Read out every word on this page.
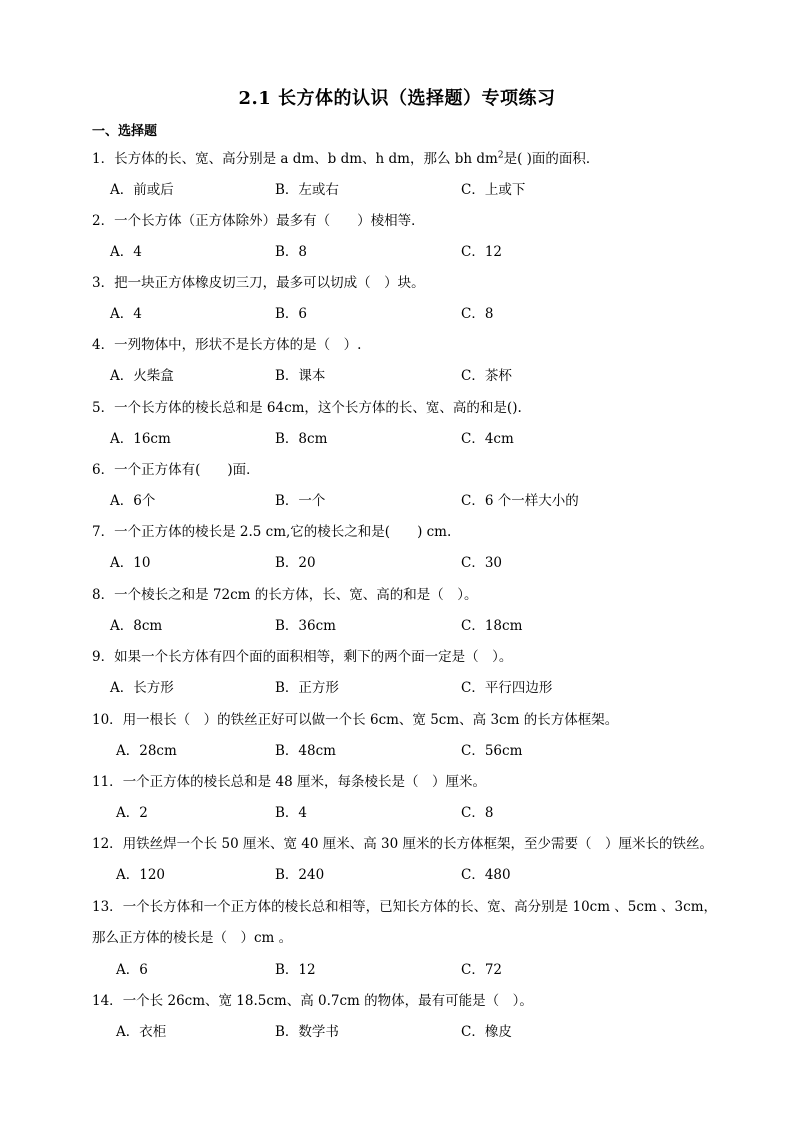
2.1 长方体的认识（选择题）专项练习
一、选择题
1．长方体的长、宽、高分别是 a dm、b dm、h dm，那么 bh $dm^2$是( )面的面积．
A．前或后	B．左或右	C．上或下
2．一个长方体（正方体除外）最多有（　　）棱相等．
A．4	B．8	C．12
3．把一块正方体橡皮切三刀，最多可以切成（　）块。
A．4	B．6	C．8
4．一列物体中，形状不是长方体的是（　）.
A．火柴盒	B．课本	C．茶杯
5．一个长方体的棱长总和是 64cm，这个长方体的长、宽、高的和是().
A．16cm	B．8cm	C．4cm
6．一个正方体有(　　)面．
A．6个	B．一个	C．6 个一样大小的
7．一个正方体的棱长是 2.5 cm,它的棱长之和是(　　) cm.
A．10	B．20	C．30
8．一个棱长之和是 72cm 的长方体，长、宽、高的和是（　）。
A．8cm	B．36cm	C．18cm
9．如果一个长方体有四个面的面积相等，剩下的两个面一定是（　）。
A．长方形	B．正方形	C．平行四边形
10．用一根长（　）的铁丝正好可以做一个长 6cm、宽 5cm、高 3cm 的长方体框架。
A．28cm	B．48cm	C．56cm
11．一个正方体的棱长总和是 48 厘米，每条棱长是（　）厘米。
A．2	B．4	C．8
12．用铁丝焊一个长 50 厘米、宽 40 厘米、高 30 厘米的长方体框架，至少需要（　）厘米长的铁丝。
A．120	B．240	C．480
13．一个长方体和一个正方体的棱长总和相等，已知长方体的长、宽、高分别是 10cm 、5cm 、3cm，
那么正方体的棱长是（　）cm 。
A．6	B．12	C．72
14．一个长 26cm、宽 18.5cm、高 0.7cm 的物体，最有可能是（　）。
A．衣柜	B．数学书	C．橡皮
